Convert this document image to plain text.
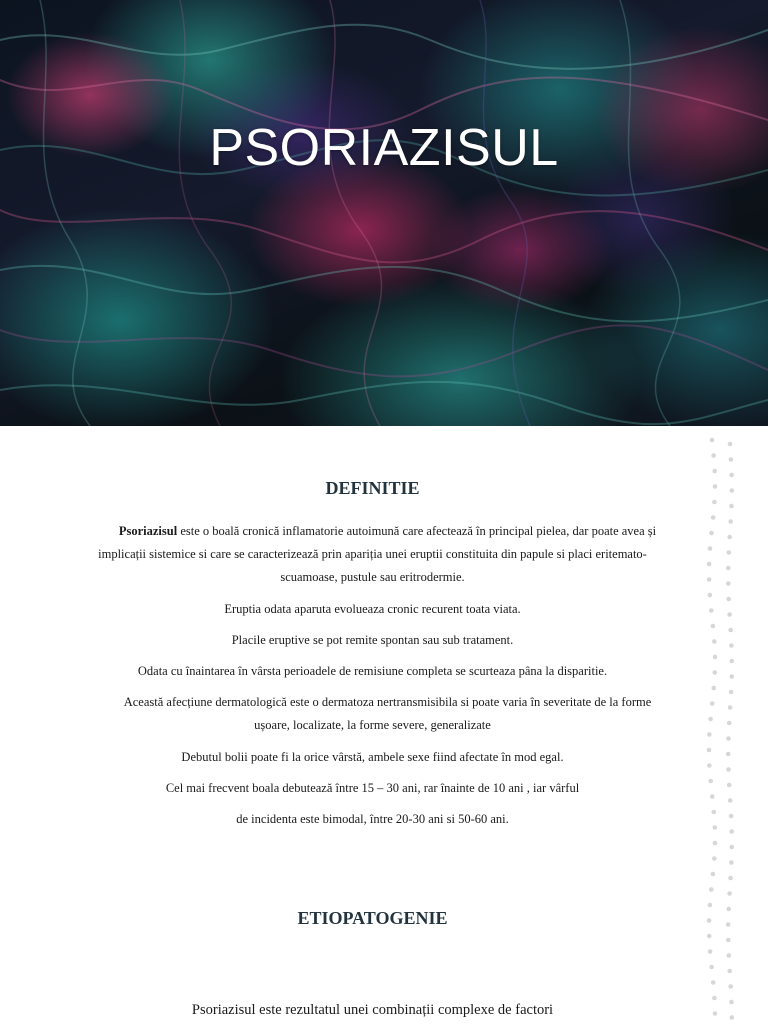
PSORIAZISUL
DEFINITIE
Psoriazisul este o boală cronică inflamatorie autoimună care afectează în principal pielea, dar poate avea și implicații sistemice si care se caracterizează prin apariția unei eruptii constituita din papule si placi eritemato-scuamoase, pustule sau eritrodermie.
Eruptia odata aparuta evolueaza cronic recurent toata viata.
Placile eruptive se pot remite spontan sau sub tratament.
Odata cu înaintarea în vârsta perioadele de remisiune completa se scurteaza pâna la disparitie.
Această afecțiune dermatologică este o dermatoza nertransmisibila si poate varia în severitate de la forme ușoare, localizate, la forme severe, generalizate
Debutul bolii poate fi la orice vârstă, ambele sexe fiind afectate în mod egal.
Cel mai frecvent boala debutează între 15 – 30 ani, rar înainte de 10 ani , iar vârful
de incidenta este bimodal, între 20-30 ani si 50-60 ani.
ETIOPATOGENIE
Psoriazisul este rezultatul unei combinații complexe de factori
